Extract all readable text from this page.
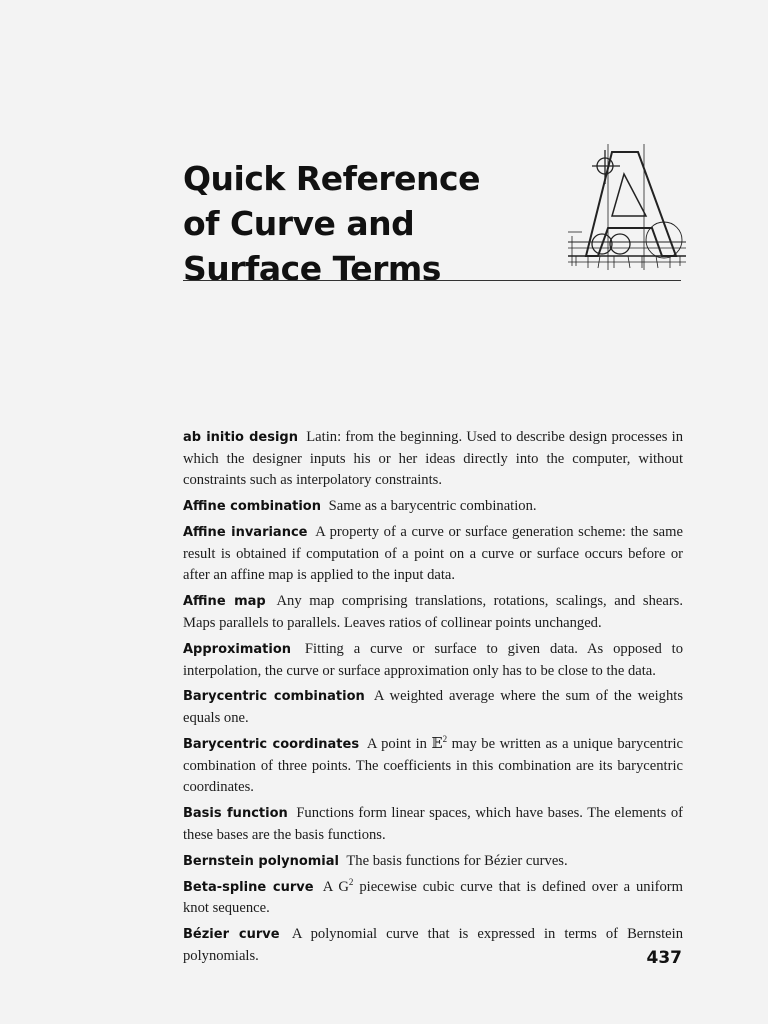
Quick Reference
of Curve and
Surface Terms

ab initio design Latin: from the beginning. Used to describe design processes in which the designer inputs his or her ideas directly into the computer, without constraints such as interpolatory constraints.

Affine combination Same as a barycentric combination.

Affine invariance A property of a curve or surface generation scheme: the same result is obtained if computation of a point on a curve or surface occurs before or after an affine map is applied to the input data.

Affine map Any map comprising translations, rotations, scalings, and shears. Maps parallels to parallels. Leaves ratios of collinear points unchanged.

Approximation Fitting a curve or surface to given data. As opposed to interpolation, the curve or surface approximation only has to be close to the data.

Barycentric combination A weighted average where the sum of the weights equals one.

Barycentric coordinates A point in 𝔼$^2$ may be written as a unique barycentric combination of three points. The coefficients in this combination are its barycentric coordinates.

Basis function Functions form linear spaces, which have bases. The elements of these bases are the basis functions.

Bernstein polynomial The basis functions for Bézier curves.

Beta-spline curve A $G^2$ piecewise cubic curve that is defined over a uniform knot sequence.

Bézier curve A polynomial curve that is expressed in terms of Bernstein polynomials.	437
